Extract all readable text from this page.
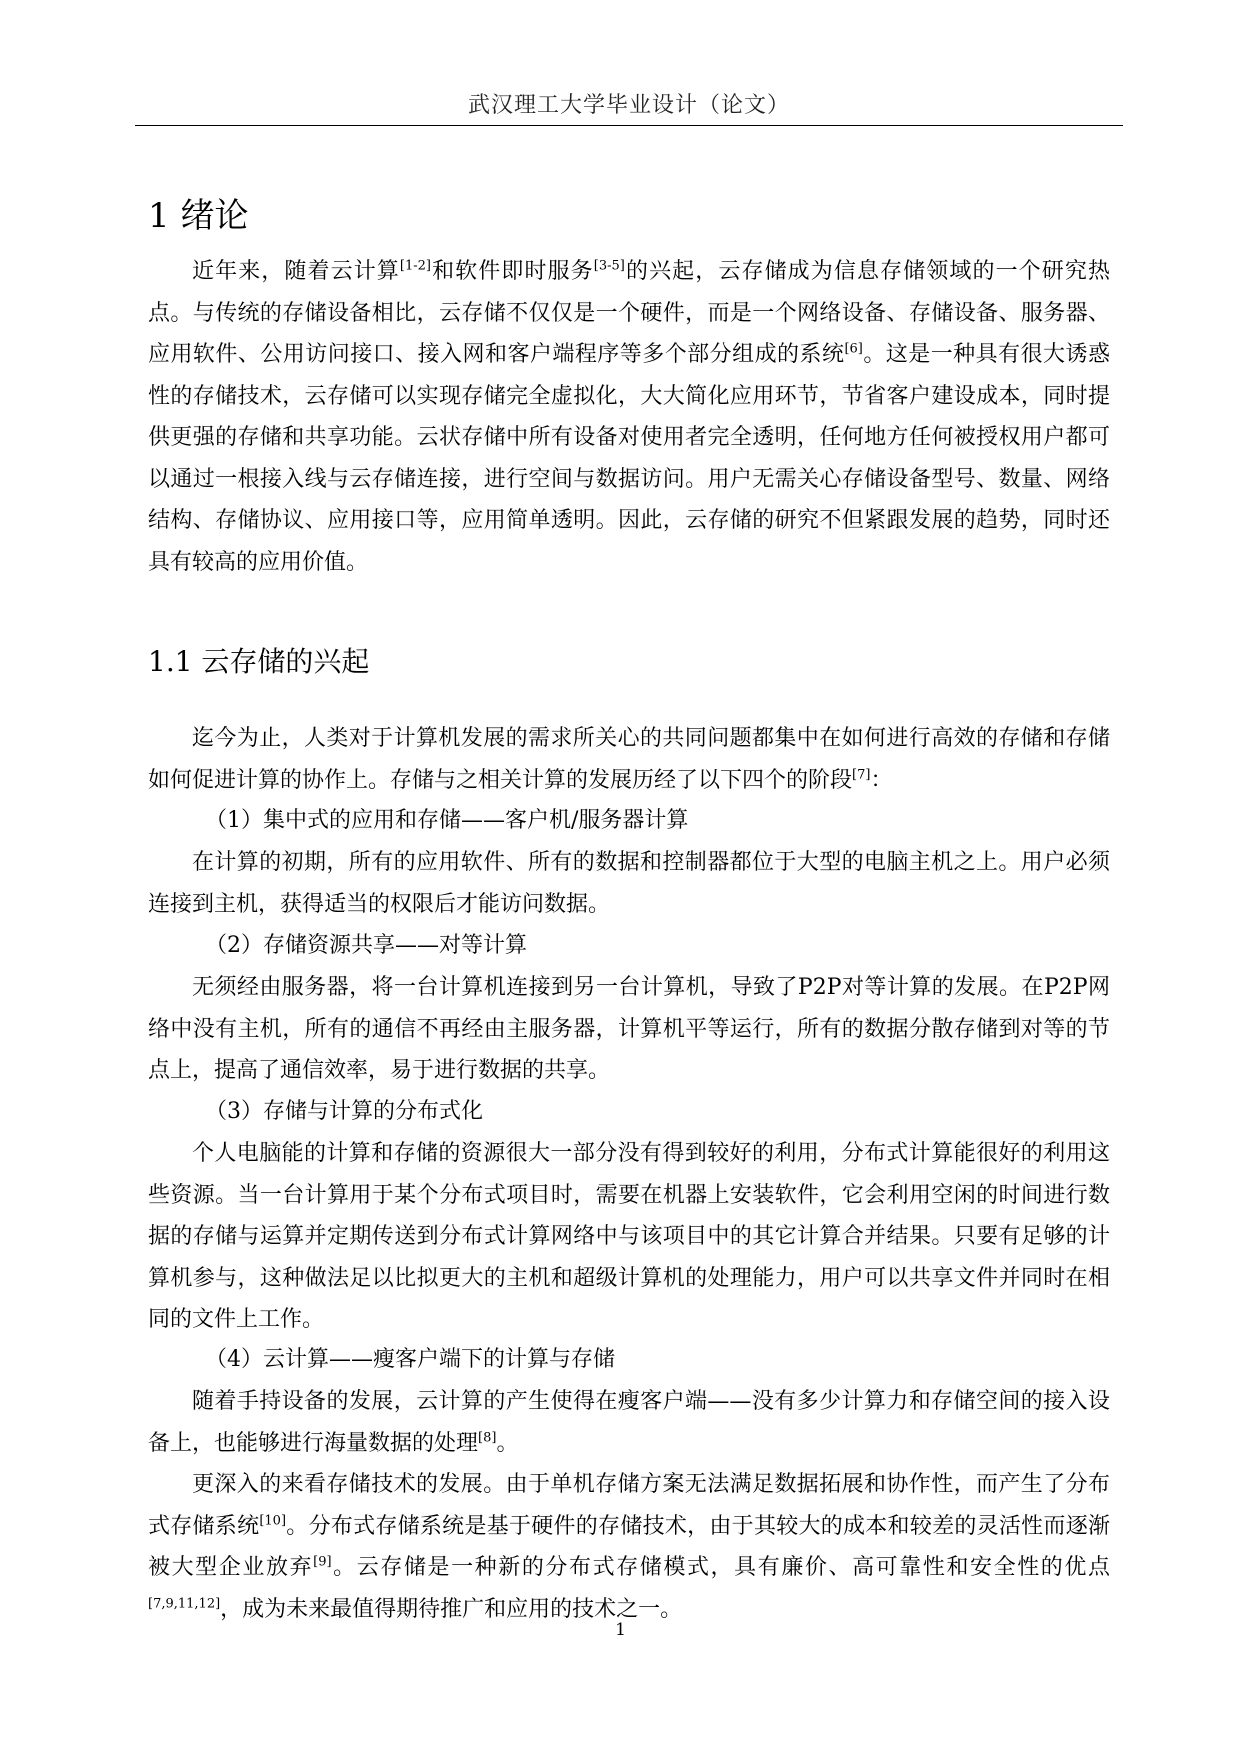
武汉理工大学毕业设计（论文）
1 绪论

近年来，随着云计算[1-2]和软件即时服务[3-5]的兴起，云存储成为信息存储领域的一个研究热点。与传统的存储设备相比，云存储不仅仅是一个硬件，而是一个网络设备、存储设备、服务器、应用软件、公用访问接口、接入网和客户端程序等多个部分组成的系统[6]。这是一种具有很大诱惑性的存储技术，云存储可以实现存储完全虚拟化，大大简化应用环节，节省客户建设成本，同时提供更强的存储和共享功能。云状存储中所有设备对使用者完全透明，任何地方任何被授权用户都可以通过一根接入线与云存储连接，进行空间与数据访问。用户无需关心存储设备型号、数量、网络结构、存储协议、应用接口等，应用简单透明。因此，云存储的研究不但紧跟发展的趋势，同时还具有较高的应用价值。

1.1 云存储的兴起

迄今为止，人类对于计算机发展的需求所关心的共同问题都集中在如何进行高效的存储和存储如何促进计算的协作上。存储与之相关计算的发展历经了以下四个的阶段[7]：

（1）集中式的应用和存储——客户机/服务器计算

在计算的初期，所有的应用软件、所有的数据和控制器都位于大型的电脑主机之上。用户必须连接到主机，获得适当的权限后才能访问数据。

（2）存储资源共享——对等计算

无须经由服务器，将一台计算机连接到另一台计算机，导致了P2P对等计算的发展。在P2P网络中没有主机，所有的通信不再经由主服务器，计算机平等运行，所有的数据分散存储到对等的节点上，提高了通信效率，易于进行数据的共享。

（3）存储与计算的分布式化

个人电脑能的计算和存储的资源很大一部分没有得到较好的利用，分布式计算能很好的利用这些资源。当一台计算用于某个分布式项目时，需要在机器上安装软件，它会利用空闲的时间进行数据的存储与运算并定期传送到分布式计算网络中与该项目中的其它计算合并结果。只要有足够的计算机参与，这种做法足以比拟更大的主机和超级计算机的处理能力，用户可以共享文件并同时在相同的文件上工作。

（4）云计算——瘦客户端下的计算与存储

随着手持设备的发展，云计算的产生使得在瘦客户端——没有多少计算力和存储空间的接入设备上，也能够进行海量数据的处理[8]。

更深入的来看存储技术的发展。由于单机存储方案无法满足数据拓展和协作性，而产生了分布式存储系统[10]。分布式存储系统是基于硬件的存储技术，由于其较大的成本和较差的灵活性而逐渐被大型企业放弃[9]。云存储是一种新的分布式存储模式，具有廉价、高可靠性和安全性的优点[7,9,11,12]，成为未来最值得期待推广和应用的技术之一。

1
